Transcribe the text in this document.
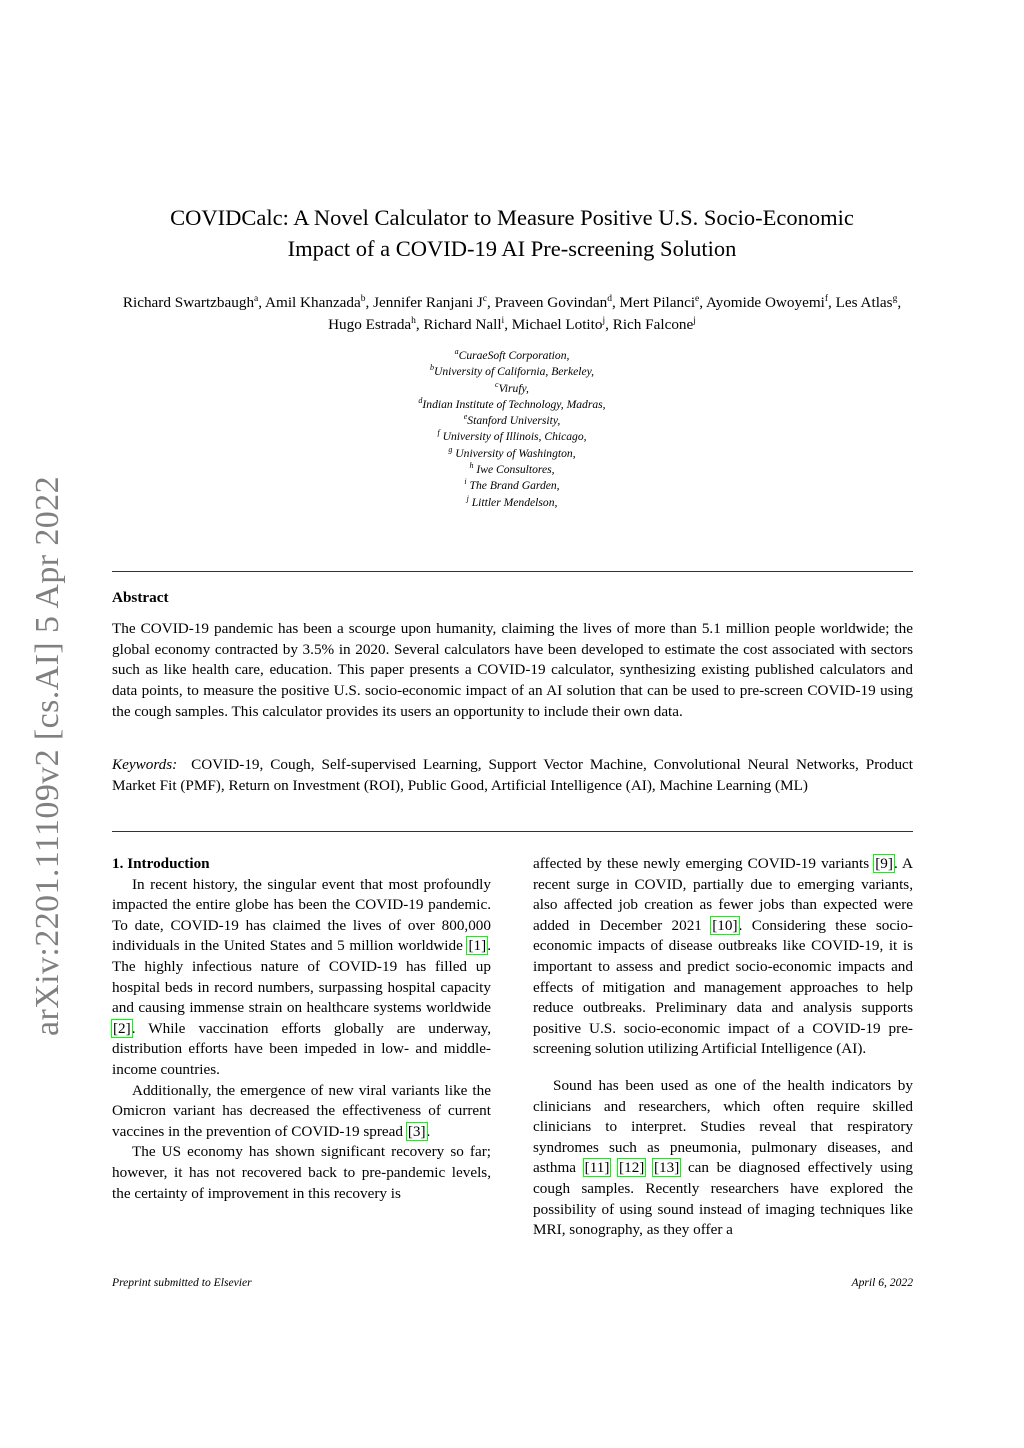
arXiv:2201.11109v2 [cs.AI] 5 Apr 2022
COVIDCalc: A Novel Calculator to Measure Positive U.S. Socio-Economic
Impact of a COVID-19 AI Pre-screening Solution
Richard Swartzbaugh$^a$, Amil Khanzada$^b$, Jennifer Ranjani $J^c$, Praveen Govindan$^d$, Mert Pilanci$^e$, Ayomide Owoyemi$^f$, Les Atlas$^g$, Hugo Estrada$^h$, Richard Nall$^i$, Michael Lotito$^j$, Rich Falcone$^j$
$^a$CuraeSoft Corporation,
$^b$University of California, Berkeley,
$^c$Virufy,
$^d$Indian Institute of Technology, Madras,
$^e$Stanford University,
$^f$ University of Illinois, Chicago,
$^g$ University of Washington,
$^h$ Iwe Consultores,
$^i$ The Brand Garden,
$^j$ Littler Mendelson,
Abstract
The COVID-19 pandemic has been a scourge upon humanity, claiming the lives of more than 5.1 million people worldwide; the global economy contracted by 3.5% in 2020. Several calculators have been developed to estimate the cost associated with sectors such as like health care, education. This paper presents a COVID-19 calculator, synthesizing existing published calculators and data points, to measure the positive U.S. socio-economic impact of an AI solution that can be used to pre-screen COVID-19 using the cough samples. This calculator provides its users an opportunity to include their own data.
Keywords: COVID-19, Cough, Self-supervised Learning, Support Vector Machine, Convolutional Neural Networks, Product Market Fit (PMF), Return on Investment (ROI), Public Good, Artificial Intelligence (AI), Machine Learning (ML)

1. Introduction

In recent history, the singular event that most profoundly impacted the entire globe has been the COVID-19 pandemic. To date, COVID-19 has claimed the lives of over 800,000 individuals in the United States and 5 million worldwide [1]. The highly infectious nature of COVID-19 has filled up hospital beds in record numbers, surpassing hospital capacity and causing immense strain on healthcare systems worldwide [2]. While vaccination efforts globally are underway, distribution efforts have been impeded in low- and middle-income countries.

Additionally, the emergence of new viral variants like the Omicron variant has decreased the effectiveness of current vaccines in the prevention of COVID-19 spread [3].

The US economy has shown significant recovery so far; however, it has not recovered back to pre-pandemic levels, the certainty of improvement in this recovery is

affected by these newly emerging COVID-19 variants [9]. A recent surge in COVID, partially due to emerging variants, also affected job creation as fewer jobs than expected were added in December 2021 [10]. Considering these socio-economic impacts of disease outbreaks like COVID-19, it is important to assess and predict socio-economic impacts and effects of mitigation and management approaches to help reduce outbreaks. Preliminary data and analysis supports positive U.S. socio-economic impact of a COVID-19 pre-screening solution utilizing Artificial Intelligence (AI).

Sound has been used as one of the health indicators by clinicians and researchers, which often require skilled clinicians to interpret. Studies reveal that respiratory syndromes such as pneumonia, pulmonary diseases, and asthma [11] [12] [13] can be diagnosed effectively using cough samples. Recently researchers have explored the possibility of using sound instead of imaging techniques like MRI, sonography, as they offer a

Preprint submitted to Elsevier	April 6, 2022
